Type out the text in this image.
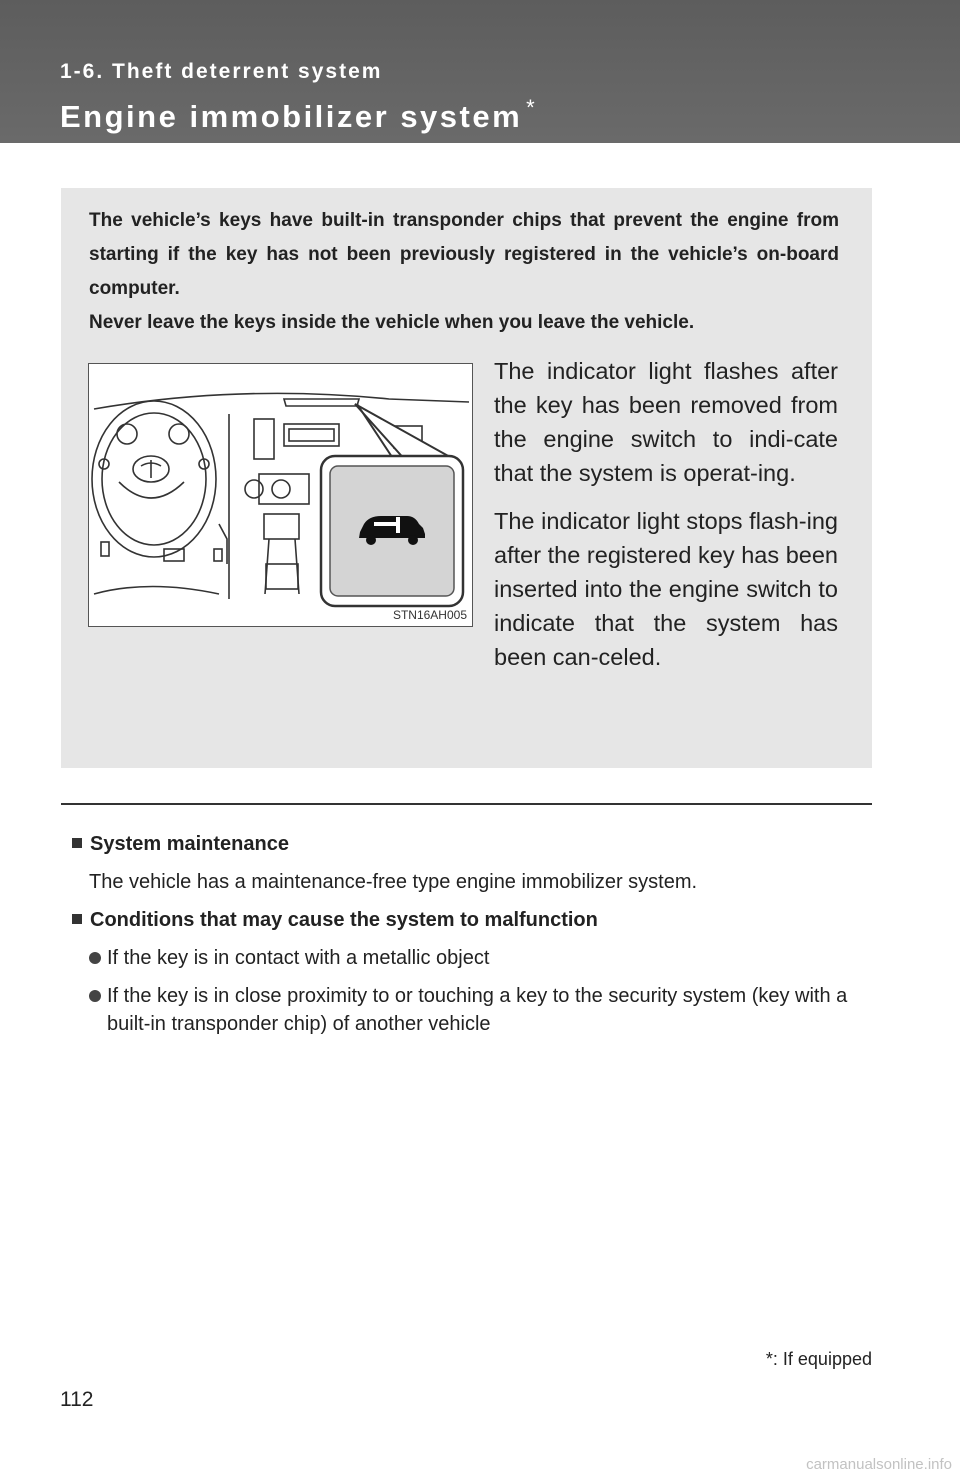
1-6. Theft deterrent system
Engine immobilizer system *

The vehicle’s keys have built-in transponder chips that prevent the engine from starting if the key has not been previously registered in the vehicle’s on-board computer.

Never leave the keys inside the vehicle when you leave the vehicle.

STN16AH005

The indicator light flashes after the key has been removed from the engine switch to indi-cate that the system is operat-ing.

The indicator light stops flash-ing after the registered key has been inserted into the engine switch to indicate that the system has been can-celed.

System maintenance

The vehicle has a maintenance-free type engine immobilizer system.

Conditions that may cause the system to malfunction

If the key is in contact with a metallic object
If the key is in close proximity to or touching a key to the security system (key with a built-in transponder chip) of another vehicle
*: If equipped
112
carmanualsonline.info
